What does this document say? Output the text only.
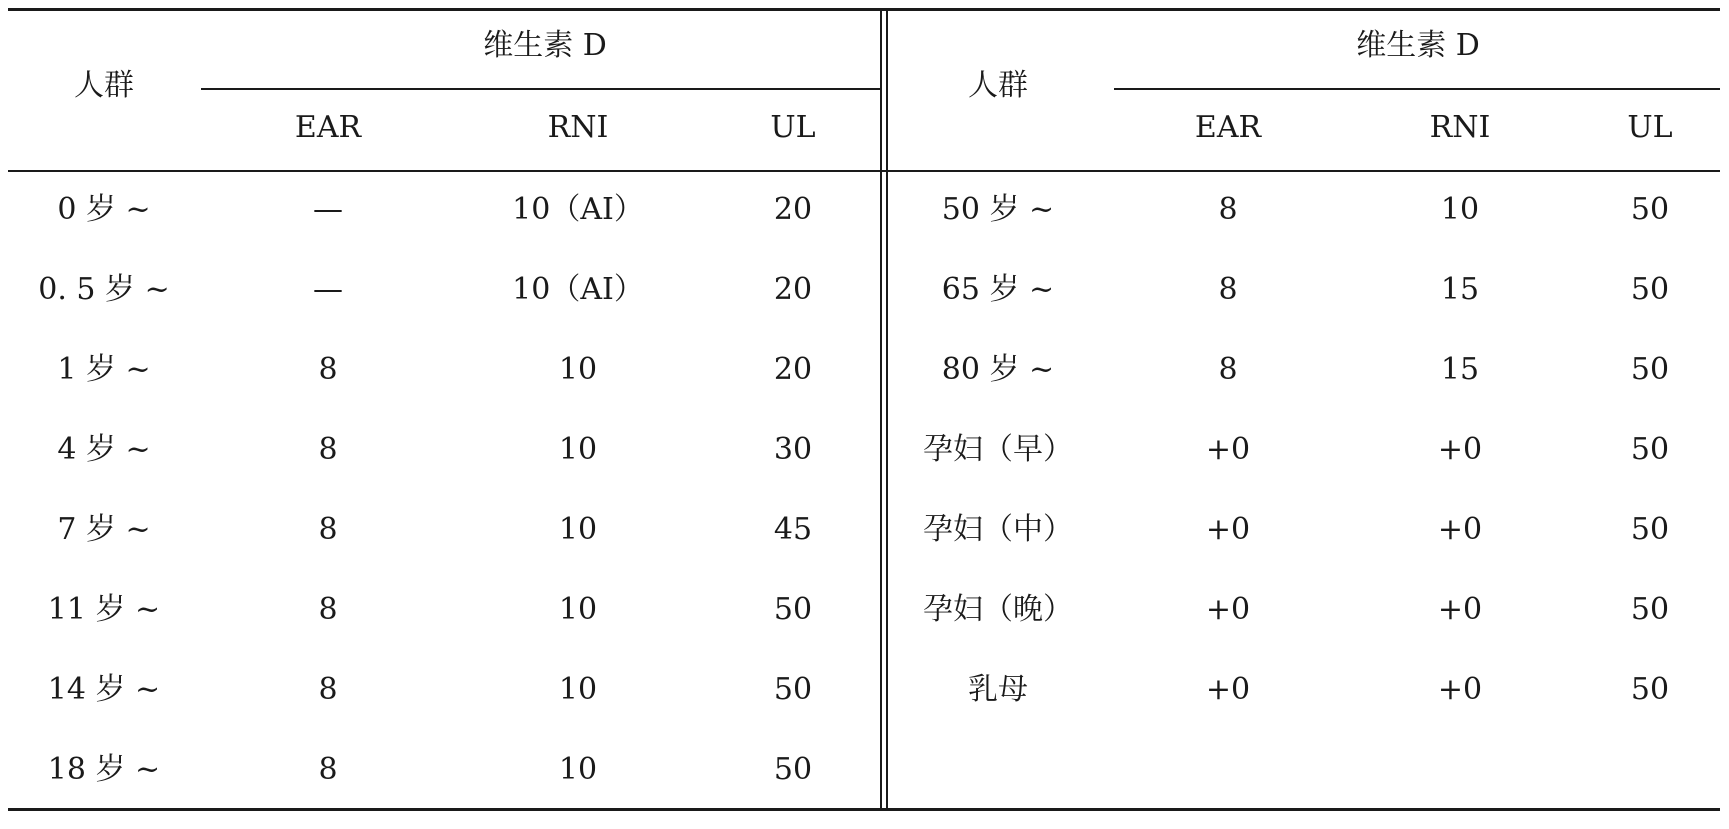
人群
维生素 D
EAR	RNI	UL
人群
维生素 D
EAR	RNI	UL
0 岁 ~	—	10（AI）	20
0. 5 岁 ~	—	10（AI）	20
1 岁 ~	8	10	20
4 岁 ~	8	10	30
7 岁 ~	8	10	45
11 岁 ~	8	10	50
14 岁 ~	8	10	50
18 岁 ~	8	10	50
50 岁 ~	8	10	50
65 岁 ~	8	15	50
80 岁 ~	8	15	50
孕妇（早）	+0	+0	50
孕妇（中）	+0	+0	50
孕妇（晚）	+0	+0	50
乳母	+0	+0	50
